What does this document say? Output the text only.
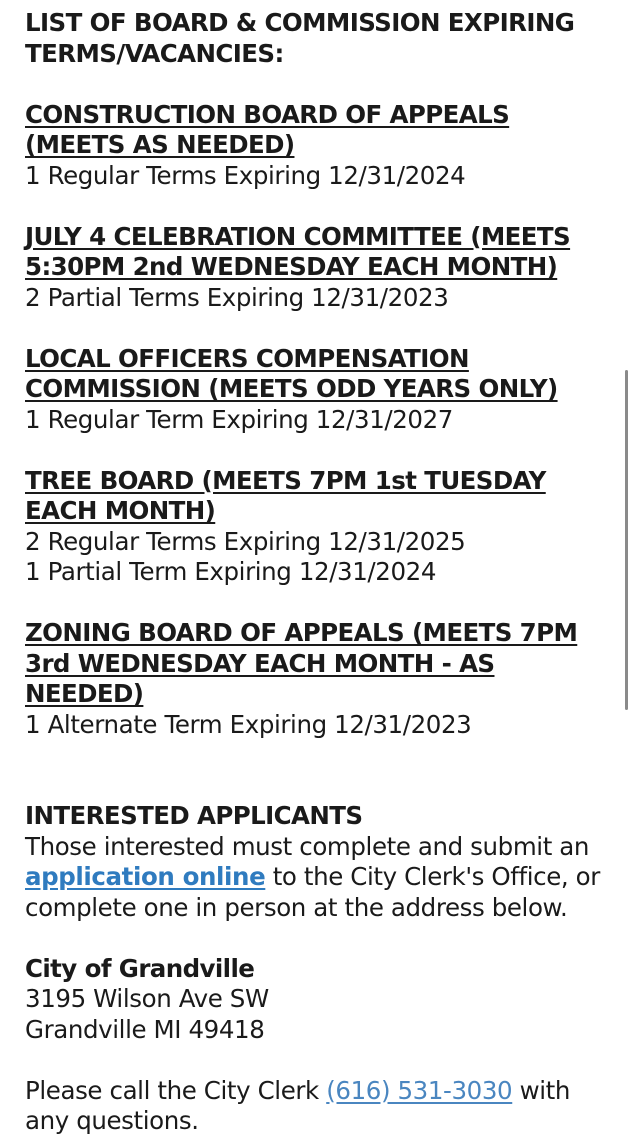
LIST OF BOARD & COMMISSION EXPIRING TERMS/VACANCIES:
CONSTRUCTION BOARD OF APPEALS (MEETS AS NEEDED)
1 Regular Terms Expiring 12/31/2024
JULY 4 CELEBRATION COMMITTEE (MEETS 5:30PM 2nd WEDNESDAY EACH MONTH)
2 Partial Terms Expiring 12/31/2023
LOCAL OFFICERS COMPENSATION COMMISSION (MEETS ODD YEARS ONLY)
1 Regular Term Expiring 12/31/2027
TREE BOARD (MEETS 7PM 1st TUESDAY EACH MONTH)
2 Regular Terms Expiring 12/31/2025
1 Partial Term Expiring 12/31/2024
ZONING BOARD OF APPEALS (MEETS 7PM 3rd WEDNESDAY EACH MONTH - AS NEEDED)
1 Alternate Term Expiring 12/31/2023
INTERESTED APPLICANTS
Those interested must complete and submit an application online to the City Clerk's Office, or complete one in person at the address below.
City of Grandville
3195 Wilson Ave SW
Grandville MI 49418
Please call the City Clerk (616) 531-3030 with any questions.
